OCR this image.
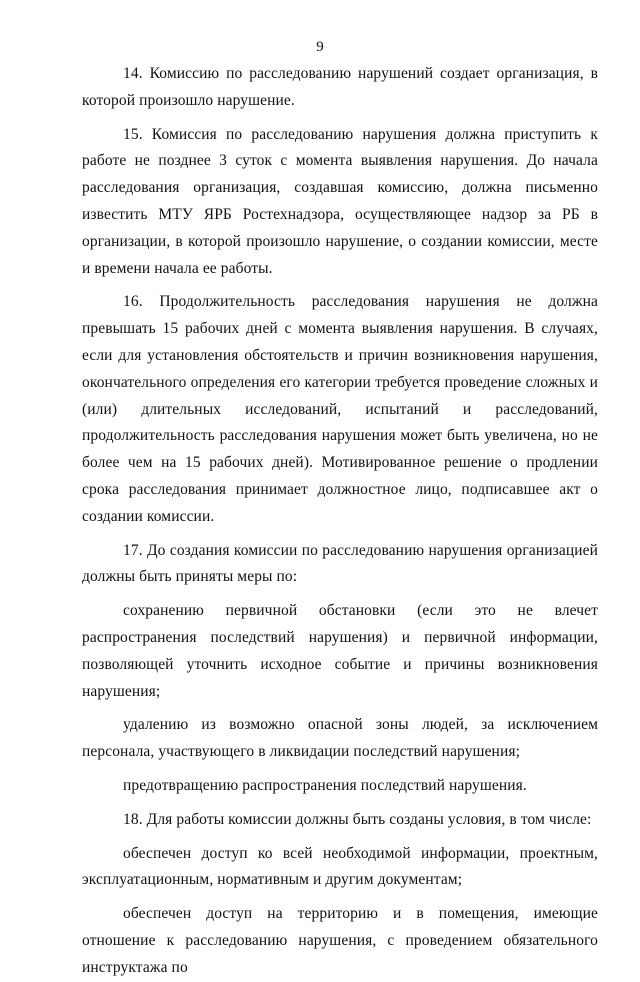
9

14. Комиссию по расследованию нарушений создает организация, в которой произошло нарушение.

15. Комиссия по расследованию нарушения должна приступить к работе не позднее 3 суток с момента выявления нарушения. До начала расследования организация, создавшая комиссию, должна письменно известить МТУ ЯРБ Ростехнадзора, осуществляющее надзор за РБ в организации, в которой произошло нарушение, о создании комиссии, месте и времени начала ее работы.

16. Продолжительность расследования нарушения не должна превышать 15 рабочих дней с момента выявления нарушения. В случаях, если для установления обстоятельств и причин возникновения нарушения, окончательного определения его категории требуется проведение сложных и (или) длительных исследований, испытаний и расследований, продолжительность расследования нарушения может быть увеличена, но не более чем на 15 рабочих дней). Мотивированное решение о продлении срока расследования принимает должностное лицо, подписавшее акт о создании комиссии.

17. До создания комиссии по расследованию нарушения организацией должны быть приняты меры по:

сохранению первичной обстановки (если это не влечет распространения последствий нарушения) и первичной информации, позволяющей уточнить исходное событие и причины возникновения нарушения;

удалению из возможно опасной зоны людей, за исключением персонала, участвующего в ликвидации последствий нарушения;

предотвращению распространения последствий нарушения.

18. Для работы комиссии должны быть созданы условия, в том числе:

обеспечен доступ ко всей необходимой информации, проектным, эксплуатационным, нормативным и другим документам;

обеспечен доступ на территорию и в помещения, имеющие отношение к расследованию нарушения, с проведением обязательного инструктажа по
